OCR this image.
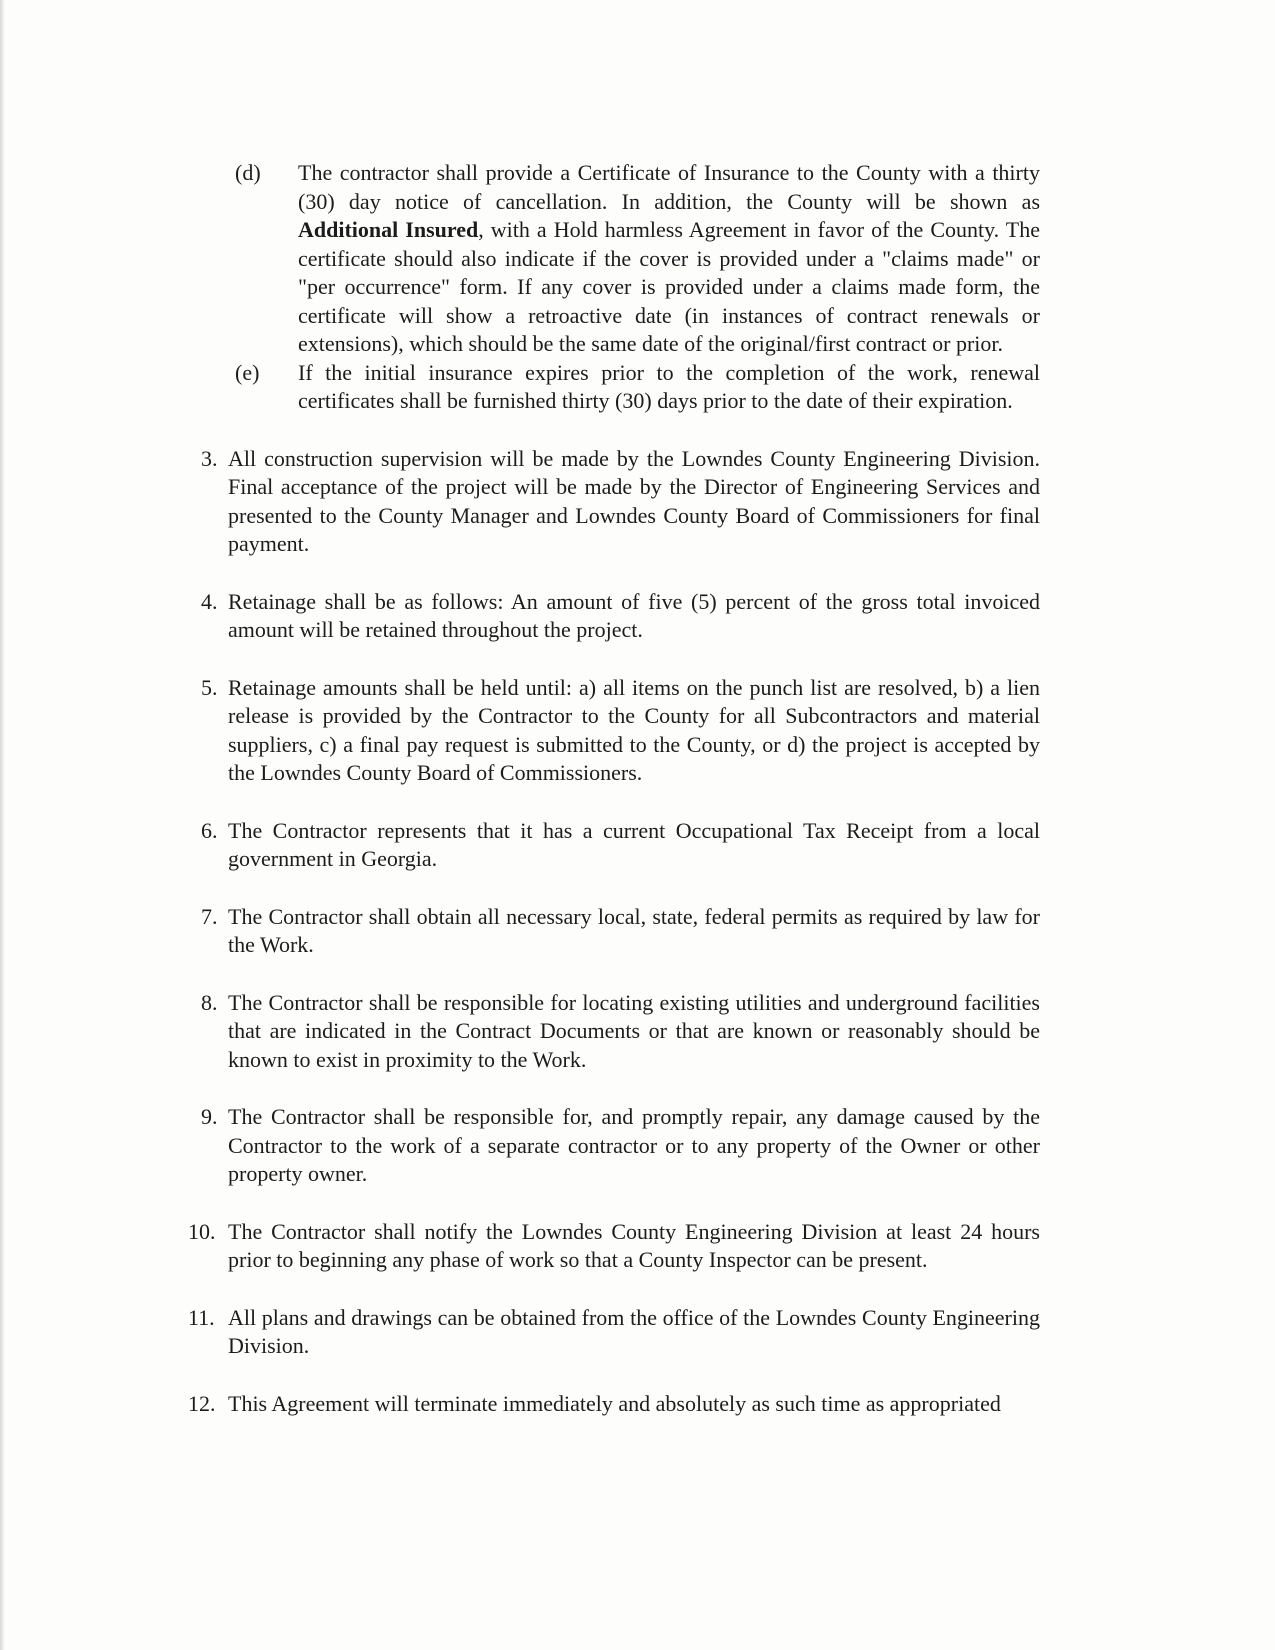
(d)	The contractor shall provide a Certificate of Insurance to the County with a thirty (30) day notice of cancellation. In addition, the County will be shown as Additional Insured, with a Hold harmless Agreement in favor of the County. The certificate should also indicate if the cover is provided under a "claims made" or "per occurrence" form. If any cover is provided under a claims made form, the certificate will show a retroactive date (in instances of contract renewals or extensions), which should be the same date of the original/first contract or prior.

(e)	If the initial insurance expires prior to the completion of the work, renewal certificates shall be furnished thirty (30) days prior to the date of their expiration.

3. All construction supervision will be made by the Lowndes County Engineering Division. Final acceptance of the project will be made by the Director of Engineering Services and presented to the County Manager and Lowndes County Board of Commissioners for final payment.

4. Retainage shall be as follows: An amount of five (5) percent of the gross total invoiced amount will be retained throughout the project.

5. Retainage amounts shall be held until: a) all items on the punch list are resolved, b) a lien release is provided by the Contractor to the County for all Subcontractors and material suppliers, c) a final pay request is submitted to the County, or d) the project is accepted by the Lowndes County Board of Commissioners.

6. The Contractor represents that it has a current Occupational Tax Receipt from a local government in Georgia.

7. The Contractor shall obtain all necessary local, state, federal permits as required by law for the Work.

8. The Contractor shall be responsible for locating existing utilities and underground facilities that are indicated in the Contract Documents or that are known or reasonably should be known to exist in proximity to the Work.

9. The Contractor shall be responsible for, and promptly repair, any damage caused by the Contractor to the work of a separate contractor or to any property of the Owner or other property owner.

10. The Contractor shall notify the Lowndes County Engineering Division at least 24 hours prior to beginning any phase of work so that a County Inspector can be present.

11. All plans and drawings can be obtained from the office of the Lowndes County Engineering Division.

12. This Agreement will terminate immediately and absolutely as such time as appropriated
